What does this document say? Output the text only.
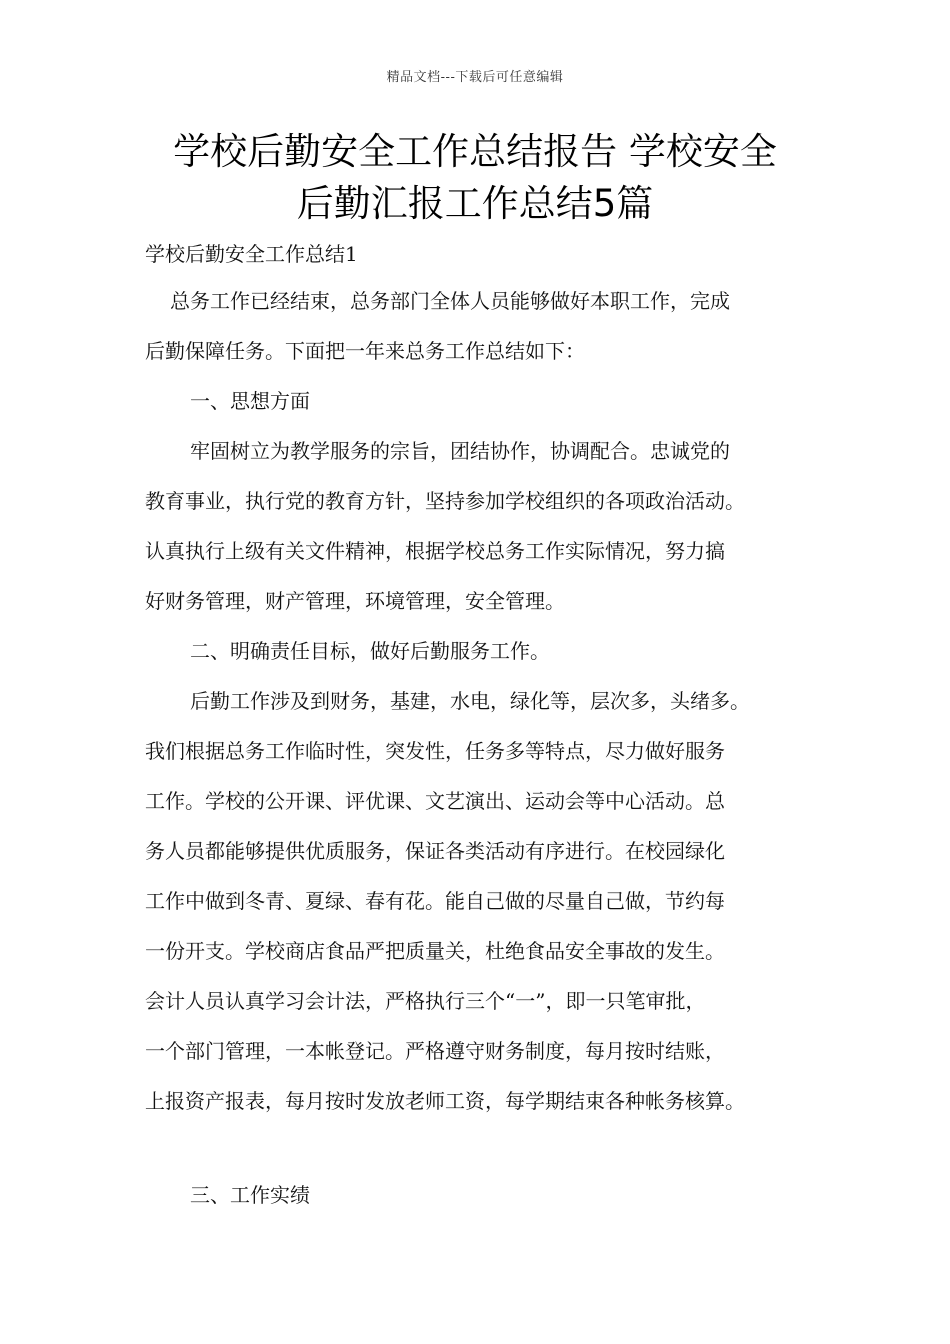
精品文档---下载后可任意编辑
学校后勤安全工作总结报告 学校安全
后勤汇报工作总结5篇
学校后勤安全工作总结1

总务工作已经结束，总务部门全体人员能够做好本职工作，完成
后勤保障任务。下面把一年来总务工作总结如下：

一、思想方面

牢固树立为教学服务的宗旨，团结协作，协调配合。忠诚党的
教育事业，执行党的教育方针，坚持参加学校组织的各项政治活动。
认真执行上级有关文件精神，根据学校总务工作实际情况，努力搞
好财务管理，财产管理，环境管理，安全管理。

二、明确责任目标，做好后勤服务工作。

后勤工作涉及到财务，基建，水电，绿化等，层次多，头绪多。
我们根据总务工作临时性，突发性，任务多等特点，尽力做好服务
工作。学校的公开课、评优课、文艺演出、运动会等中心活动。总
务人员都能够提供优质服务，保证各类活动有序进行。在校园绿化
工作中做到冬青、夏绿、春有花。能自己做的尽量自己做，节约每
一份开支。学校商店食品严把质量关，杜绝食品安全事故的发生。
会计人员认真学习会计法，严格执行三个“一”，即一只笔审批，
一个部门管理，一本帐登记。严格遵守财务制度，每月按时结账，
上报资产报表，每月按时发放老师工资，每学期结束各种帐务核算。

三、工作实绩
